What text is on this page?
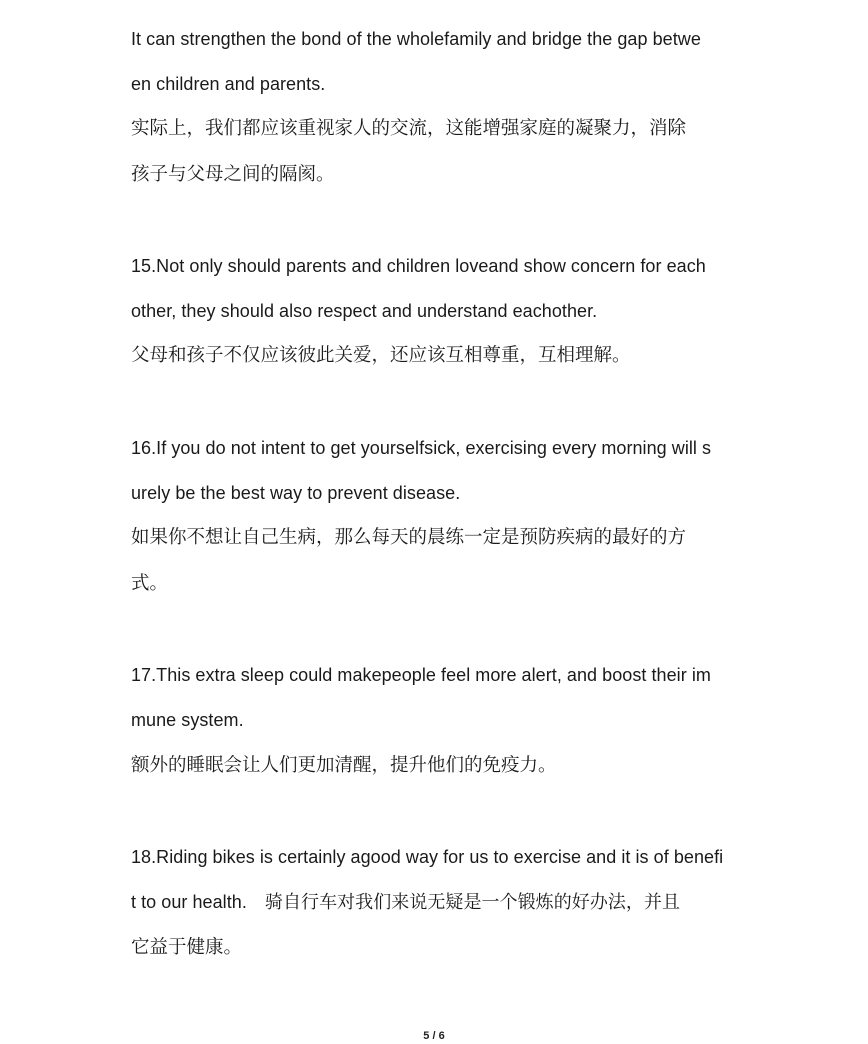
It can strengthen the bond of the wholefamily and bridge the gap betwe
en children and parents.
实际上，我们都应该重视家人的交流，这能增强家庭的凝聚力，消除
孩子与父母之间的隔阂。
15.Not only should parents and children loveand show concern for each
other, they should also respect and understand eachother.
父母和孩子不仅应该彼此关爱，还应该互相尊重，互相理解。
16.If you do not intent to get yourselfsick, exercising every morning will s
urely be the best way to prevent disease.
如果你不想让自己生病，那么每天的晨练一定是预防疾病的最好的方
式。
17.This extra sleep could makepeople feel more alert, and boost their im
mune system.
额外的睡眠会让人们更加清醒，提升他们的免疫力。
18.Riding bikes is certainly agood way for us to exercise and it is of benefi
t to our health.　骑自行车对我们来说无疑是一个锻炼的好办法，并且
它益于健康。
5 / 6
